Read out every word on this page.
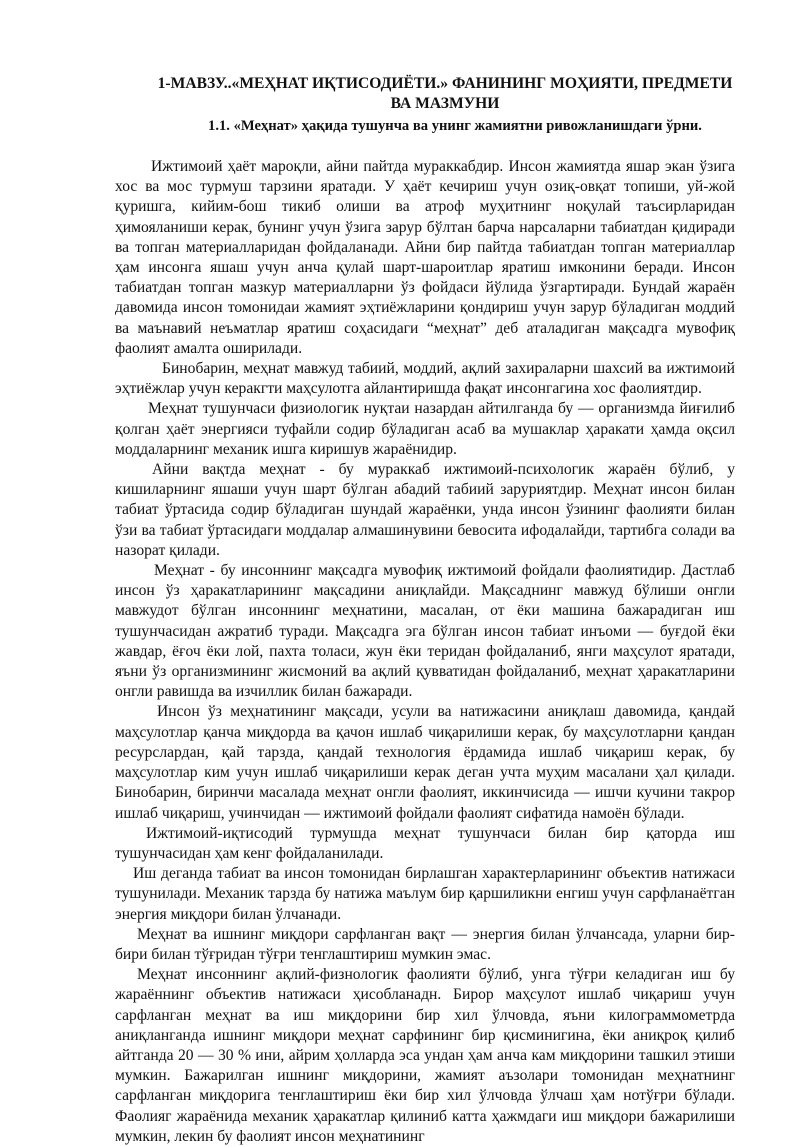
1-МАВЗУ..«МЕҲНАТ ИҚТИСОДИЁТИ.» ФАНИНИНГ МОҲИЯТИ, ПРЕДМЕТИ ВА МАЗМУНИ
1.1. «Меҳнат» ҳақида тушунча ва унинг жамиятни ривожланишдаги ўрни.

Ижтимоий ҳаёт мароқли, айни пайтда мураккабдир. Инсон жамиятда яшар экан ўзига хос ва мос турмуш тарзини яратади. У ҳаёт кечириш учун озиқ-овқат топиши, уй-жой қуришга, кийим-бош тикиб олиши ва атроф муҳитнинг ноқулай таъсирларидан ҳимояланиши керак, бунинг учун ўзига зарур бўлтан барча нарсаларни табиатдан қидиради ва топган материалларидан фойдаланади. Айни бир пайтда табиатдан топган материаллар ҳам инсонга яшаш учун анча қулай шарт-шароитлар яратиш имконини беради. Инсон табиатдан топган мазкур материалларни ўз фойдаси йўлида ўзгартиради. Бундай жараён давомида инсон томонидаи жамият эҳтиёжларини қондириш учун зарур бўладиган моддий ва маънавий неъматлар яратиш соҳасидаги “меҳнат” деб аталадиган мақсадга мувофиқ фаолият амалта оширилади.

Бинобарин, меҳнат мавжуд табиий, моддий, ақлий захираларни шахсий ва ижтимоий эҳтиёжлар учун керакгти маҳсулотга айлантиришда фақат инсонгагина хос фаолиятдир.

Меҳнат тушунчаси физиологик нуқтаи назардан айтилганда бу — организмда йиғилиб қолган ҳаёт энергияси туфайли содир бўладиган асаб ва мушаклар ҳаракати ҳамда оқсил моддаларнинг механик ишга киришув жараёнидир.

Айни вақтда меҳнат - бу мураккаб ижтимоий-психологик жараён бўлиб, у кишиларнинг яшаши учун шарт бўлган абадий табиий заруриятдир. Меҳнат инсон билан табиат ўртасида содир бўладиган шундай жараёнки, унда инсон ўзининг фаолияти билан ўзи ва табиат ўртасидаги моддалар алмашинувини бевосита ифодалайди, тартибга солади ва назорат қилади.

Меҳнат - бу инсоннинг мақсадга мувофиқ ижтимоий фойдали фаолиятидир. Дастлаб инсон ўз ҳаракатларининг мақсадини аниқлайди. Мақсаднинг мавжуд бўлиши онгли мавжудот бўлган инсоннинг меҳнатини, масалан, от ёки машина бажарадиган иш тушунчасидан ажратиб туради. Мақсадга эга бўлган инсон табиат инъоми — буғдой ёки жавдар, ёғоч ёки лой, пахта толаси, жун ёки теридан фойдаланиб, янги маҳсулот яратади, яъни ўз организмининг жисмоний ва ақлий қувватидан фойдаланиб, меҳнат ҳаракатларини онгли равишда ва изчиллик билан бажаради.

Инсон ўз меҳнатининг мақсади, усули ва натижасини аниқлаш давомида, қандай маҳсулотлар қанча миқдорда ва қачон ишлаб чиқарилиши керак, бу маҳсулотларни қандан ресурслардан, қай тарзда, қандай технология ёрдамида ишлаб чиқариш керак, бу маҳсулотлар ким учун ишлаб чиқарилиши керак деган учта муҳим масалани ҳал қилади. Бинобарин, биринчи масалада меҳнат онгли фаолият, иккинчисида — ишчи кучини такрор ишлаб чиқариш, учинчидан — ижтимоий фойдали фаолият сифатида намоён бўлади.

Ижтимоий-иқтисодий турмушда меҳнат тушунчаси билан бир қаторда иш тушунчасидан ҳам кенг фойдаланилади.

Иш деганда табиат ва инсон томонидан бирлашган характерларининг объектив натижаси тушунилади. Механик тарзда бу натижа маълум бир қаршиликни енгиш учун сарфланаётган энергия миқдори билан ўлчанади.

Меҳнат ва ишнинг миқдори сарфланган вақт — энергия билан ўлчансада, уларни бир-бири билан тўғридан тўғри тенглаштириш мумкин эмас.

Меҳнат инсоннинг ақлий-физнологик фаолияти бўлиб, унга тўғри келадиган иш бу жараённинг объектив натижаси ҳисобланадн. Бирор маҳсулот ишлаб чиқариш учун сарфланган меҳнат ва иш миқдорини бир хил ўлчовда, яъни килограммометрда аниқланганда ишнинг миқдори меҳнат сарфининг бир қисминигина, ёки аниқроқ қилиб айтганда 20 — 30 % ини, айрим ҳолларда эса ундан ҳам анча кам миқдорини ташкил этиши мумкин. Бажарилган ишнинг миқдорини, жамият аъзолари томонидан меҳнатнинг сарфланган миқдорига тенглаштириш ёки бир хил ўлчовда ўлчаш ҳам нотўғри бўлади. Фаолияг жараёнида механик ҳаракатлар қилиниб катта ҳажмдаги иш миқдори бажарилиши мумкин, лекин бу фаолият инсон меҳнатининг
